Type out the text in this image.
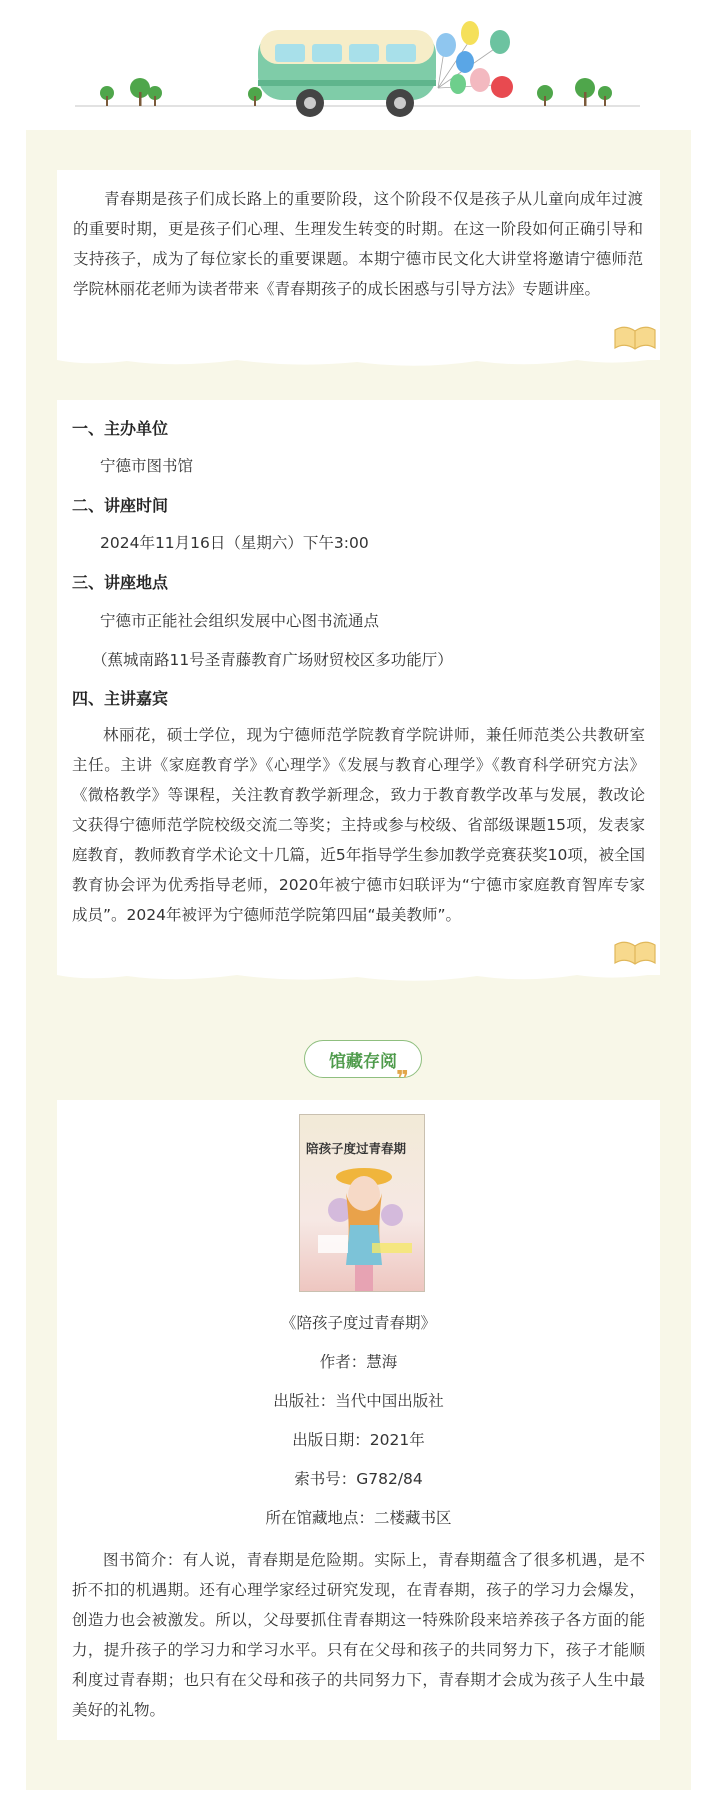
青春期是孩子们成长路上的重要阶段，这个阶段不仅是孩子从儿童向成年过渡的重要时期，更是孩子们心理、生理发生转变的时期。在这一阶段如何正确引导和支持孩子，成为了每位家长的重要课题。本期宁德市民文化大讲堂将邀请宁德师范学院林丽花老师为读者带来《青春期孩子的成长困惑与引导方法》专题讲座。

一、主办单位
宁德市图书馆
二、讲座时间
2024年11月16日（星期六）下午3:00
三、讲座地点
宁德市正能社会组织发展中心图书流通点
（蕉城南路11号圣青藤教育广场财贸校区多功能厅）
四、主讲嘉宾

林丽花，硕士学位，现为宁德师范学院教育学院讲师，兼任师范类公共教研室主任。主讲《家庭教育学》《心理学》《发展与教育心理学》《教育科学研究方法》《微格教学》等课程，关注教育教学新理念，致力于教育教学改革与发展，教改论文获得宁德师范学院校级交流二等奖；主持或参与校级、省部级课题15项，发表家庭教育，教师教育学术论文十几篇，近5年指导学生参加教学竞赛获奖10项，被全国教育协会评为优秀指导老师，2020年被宁德市妇联评为“宁德市家庭教育智库专家成员”。2024年被评为宁德师范学院第四届“最美教师”。

馆藏存阅
❞
陪孩子度过青春期
《陪孩子度过青春期》
作者：慧海
出版社：当代中国出版社
出版日期：2021年
索书号：G782/84
所在馆藏地点：二楼藏书区

图书简介：有人说，青春期是危险期。实际上，青春期蕴含了很多机遇，是不折不扣的机遇期。还有心理学家经过研究发现，在青春期，孩子的学习力会爆发，创造力也会被激发。所以，父母要抓住青春期这一特殊阶段来培养孩子各方面的能力，提升孩子的学习力和学习水平。只有在父母和孩子的共同努力下，孩子才能顺利度过青春期；也只有在父母和孩子的共同努力下，青春期才会成为孩子人生中最美好的礼物。
